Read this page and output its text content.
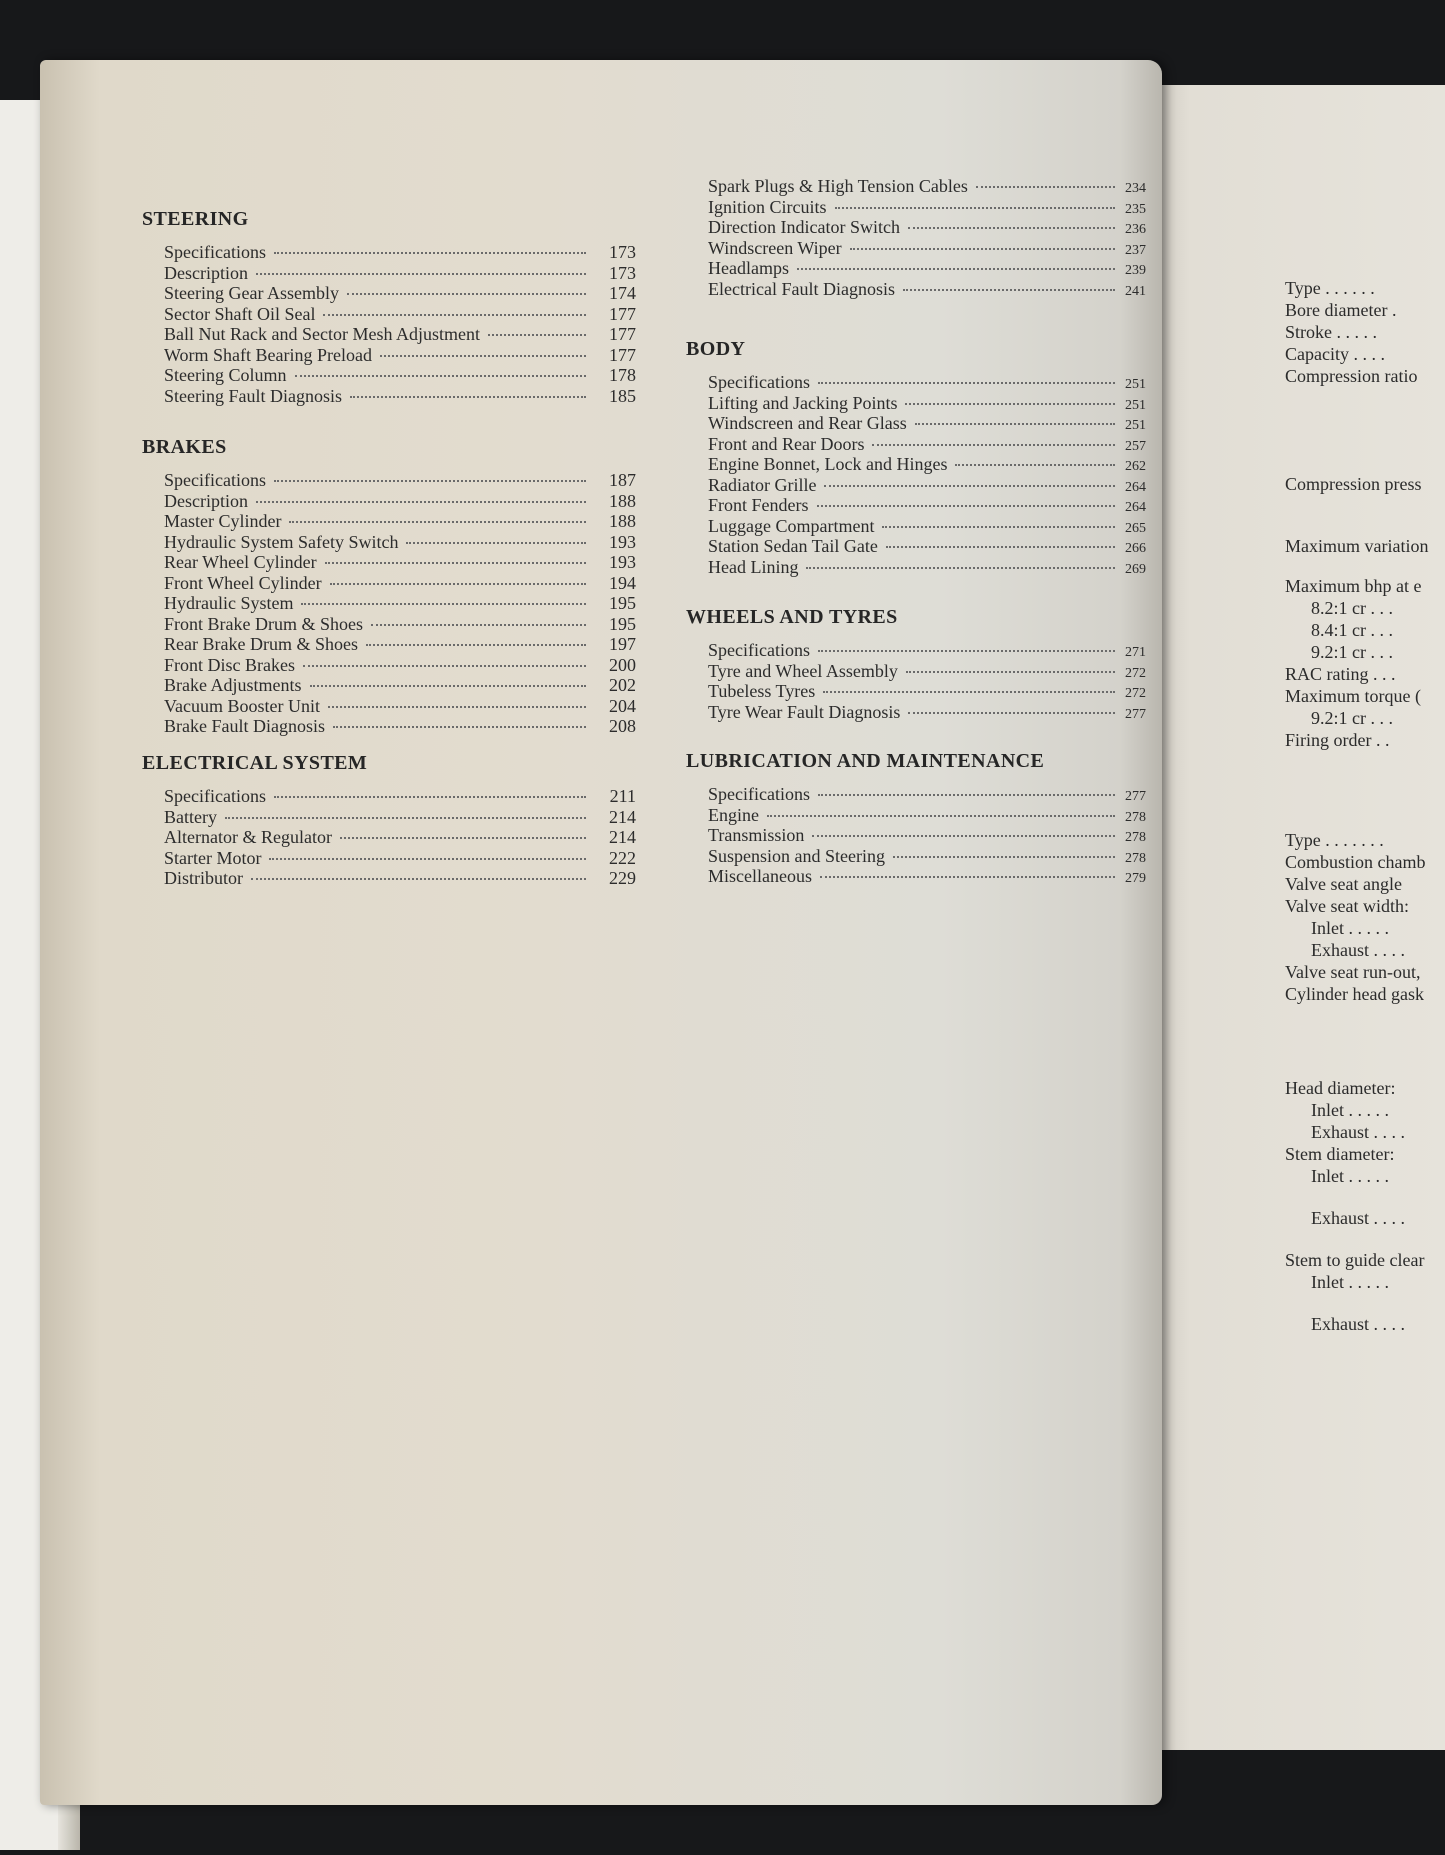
STEERING
Specifications	173
Description	173
Steering Gear Assembly	174
Sector Shaft Oil Seal	177
Ball Nut Rack and Sector Mesh Adjustment	177
Worm Shaft Bearing Preload	177
Steering Column	178
Steering Fault Diagnosis	185
BRAKES
Specifications	187
Description	188
Master Cylinder	188
Hydraulic System Safety Switch	193
Rear Wheel Cylinder	193
Front Wheel Cylinder	194
Hydraulic System	195
Front Brake Drum & Shoes	195
Rear Brake Drum & Shoes	197
Front Disc Brakes	200
Brake Adjustments	202
Vacuum Booster Unit	204
Brake Fault Diagnosis	208
ELECTRICAL SYSTEM
Specifications	211
Battery	214
Alternator & Regulator	214
Starter Motor	222
Distributor	229
Spark Plugs & High Tension Cables	234
Ignition Circuits	235
Direction Indicator Switch	236
Windscreen Wiper	237
Headlamps	239
Electrical Fault Diagnosis	241
BODY
Specifications	251
Lifting and Jacking Points	251
Windscreen and Rear Glass	251
Front and Rear Doors	257
Engine Bonnet, Lock and Hinges	262
Radiator Grille	264
Front Fenders	264
Luggage Compartment	265
Station Sedan Tail Gate	266
Head Lining	269
WHEELS AND TYRES
Specifications	271
Tyre and Wheel Assembly	272
Tubeless Tyres	272
Tyre Wear Fault Diagnosis	277
LUBRICATION AND MAINTENANCE
Specifications	277
Engine	278
Transmission	278
Suspension and Steering	278
Miscellaneous	279
Type . . . . . .
Bore diameter .
Stroke . . . . .
Capacity . . . .
Compression ratio
Compression press
Maximum variation
Maximum bhp at e
8.2:1 cr . . .
8.4:1 cr . . .
9.2:1 cr . . .
RAC rating . . .
Maximum torque (
9.2:1 cr . . .
Firing order . .
Type . . . . . . .
Combustion chamb
Valve seat angle
Valve seat width:
Inlet . . . . .
Exhaust . . . .
Valve seat run-out,
Cylinder head gask
Head diameter:
Inlet . . . . .
Exhaust . . . .
Stem diameter:
Inlet . . . . .
Exhaust . . . .
Stem to guide clear
Inlet . . . . .
Exhaust . . . .
